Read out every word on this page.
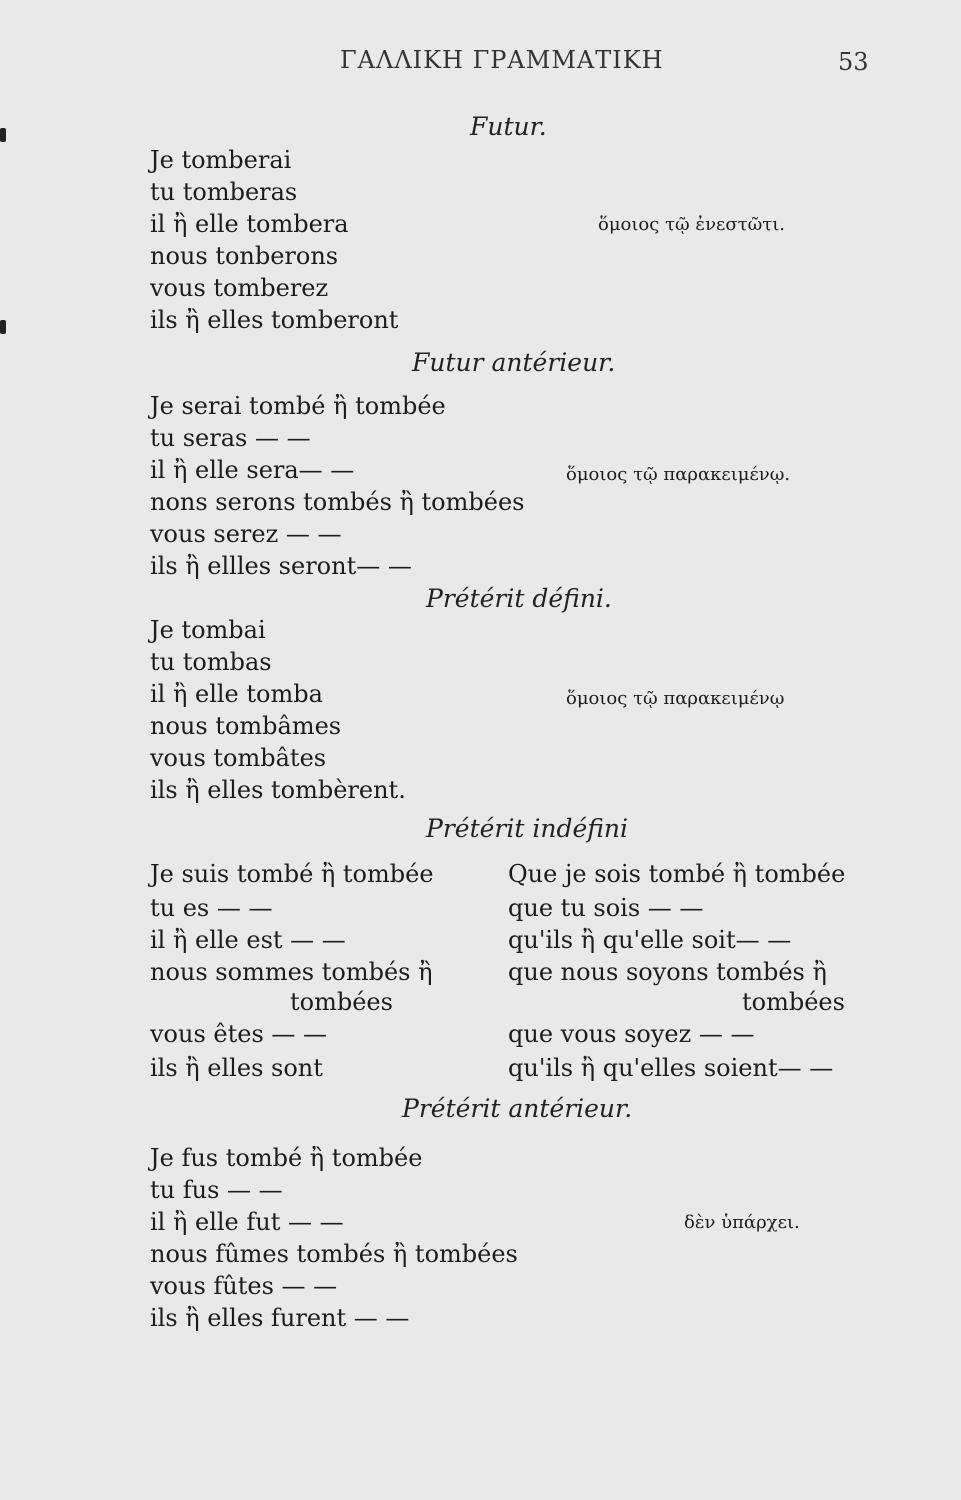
ΓΑΛΛΙΚΗ ΓΡΑΜΜΑΤΙΚΗ	53
Futur.
Je tomberai
tu tomberas
il ἢ elle tombera
nous tonberons
vous tomberez
ils ἢ elles tomberont
ὅμοιος τῷ ἐνεστῶτι.
Futur antérieur.
Je serai tombé ἢ tombée
tu seras — —
il ἢ elle sera— —
nons serons tombés ἢ tombées
vous serez — —
ils ἢ ellles seront— —
ὅμοιος τῷ παρακειμένῳ.
Prétérit défini.
Je tombai
tu tombas
il ἢ elle tomba
nous tombâmes
vous tombâtes
ils ἢ elles tombèrent.
ὅμοιος τῷ παρακειμένῳ
Prétérit indéfini
Je suis tombé ἢ tombée
tu es — —
il ἢ elle est — —
nous sommes tombés ἢ
tombées
vous êtes — —
ils ἢ elles sont
Que je sois tombé ἢ tombée
que tu sois — —
qu'ils ἢ qu'elle soit— —
que nous soyons tombés ἢ
tombées
que vous soyez — —
qu'ils ἢ qu'elles soient— —
Prétérit antérieur.
Je fus tombé ἢ tombée
tu fus — —
il ἢ elle fut — —
nous fûmes tombés ἢ tombées
vous fûtes — —
ils ἢ elles furent — —
δὲν ὑπάρχει.
